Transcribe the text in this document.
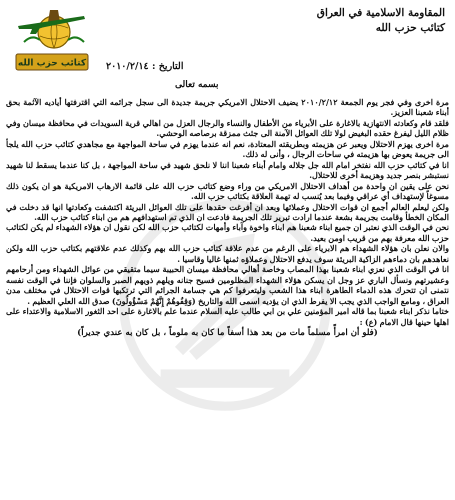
المقاومة الاسلامية في العراق
كتائب حزب الله
كتائب حزب الله التاريخ : ٢٠١٠/٢/١٤
بسمه تعالى

مرة اخرى وفي فجر يوم الجمعة ٢٠١٠/٢/١٢ يضيف الاحتلال الامريكي جريمة جديدة الى سجل جرائمه التي اقترفتها أياديه الآثمة بحق أبناء شعبنا العزيز.

فلقد قام وكعادته الانتهازية بالاغارة على الأبرياء من الأطفال والنساء والرجال العزل من اهالي قرية السويدات في محافظة ميسان وفي ظلام الليل ليفرغ حقده البغيض لولا تلك العوائل الآمنة الى جثث ممزقة برصاصه الوحشي.

مرة اخرى يهزم الاحتلال ويعبر عن هزيمته وبطريقته المعتادة، نعم انه عندما يهزم في ساحة المواجهة مع مجاهدي كتائب حزب الله يلجأ الى جريمة يعوض بها هزيمته في ساحات الرجال ، وأنى له ذلك.

انا في كتائب حزب الله نفتخر امام الله جل جلاله وامام أبناء شعبنا اننا لا نلحق شهيد في ساحة المواجهة ، بل كنا عندما يسقط لنا شهيد نستبشر بنصر جديد وهزيمة أخرى للاحتلال.

نحن على يقين ان واحدة من أهداف الاحتلال الامريكي من وراء وضع كتائب حزب الله على قائمة الارهاب الامريكية هو ان يكون ذلك مسوغاً لإستهداف أي عراقي وفيما بعد يُنسب له تهمة العلاقة بكتائب حزب الله.

ولكن ليعلم العالم أجمع ان قوات الاحتلال وعملائها وبعد ان أفرغت حقدها على تلك العوائل البريئة اكتشفت وكعادتها انها قد دخلت في المكان الخطأ وقامت بجريمة بشعة عندما ارادت تبرير تلك الجريمة فادعت ان الذي تم استهدافهم هم من ابناء كتائب حزب الله.

نحن في الوقت الذي نعتبر ان جميع ابناء شعبنا هم ابناء واخوة وآباء وأمهات لكتائب حزب الله لكن نقول ان هؤلاء الشهداء لم يكن لكتائب حزب الله معرفة بهم من قريب اومن بعيد.

والان نعلن بان هؤلاء الشهداء هم الابرياء على الرغم من عدم علاقة كتائب حزب الله بهم وكذلك عدم علاقتهم بكتائب حزب الله ولكن نعاهدهم بان دماءهم الزاكية البريئة سوف يدفع الاحتلال وعملاؤه ثمنها غاليا وقاسيا .

انا في الوقت الذي نعزي ابناء شعبنا بهذا المصاب وخاصة أهالي محافظة ميسان الحبيبة سيما متقيقي من عوائل الشهداء ومن أرحامهم وعشيرتهم ونسأل الباري عز وجل ان يسكن هؤلاء الشهداء المظلومين فسيح جنانه ويلهم ذويهم الصبر والسلوان فإننا في الوقت نفسه نتمنى ان تتحرك هذه الدماء الطاهرة ابناء هذا الشعب وليتعرفوا كم هي جسامة الجرائم التي ترتكبها قوات الاحتلال في مختلف مدن العراق ، ومامع الواجب الذي يجب الا يفرط الذي ان يؤديه اسمى الله والتاريخ (وَقِفُوهُمْ إِنَّهُمْ مَسْؤُولُونَ) صدق الله العلي العظيم .

ختاما نذكر ابناء شعبنا بما قاله امير المؤمنين علي بن ابي طالب عليه السلام عندما علم بالاغارة على احد الثغور الاسلامية والاعتداء على اهلها حينها قال الامام (ع) :

(فلو أن امرأً مسلماً مات من بعد هذا أسفاً ما كان به ملوماً ، بل كان به عندي جديراً)
